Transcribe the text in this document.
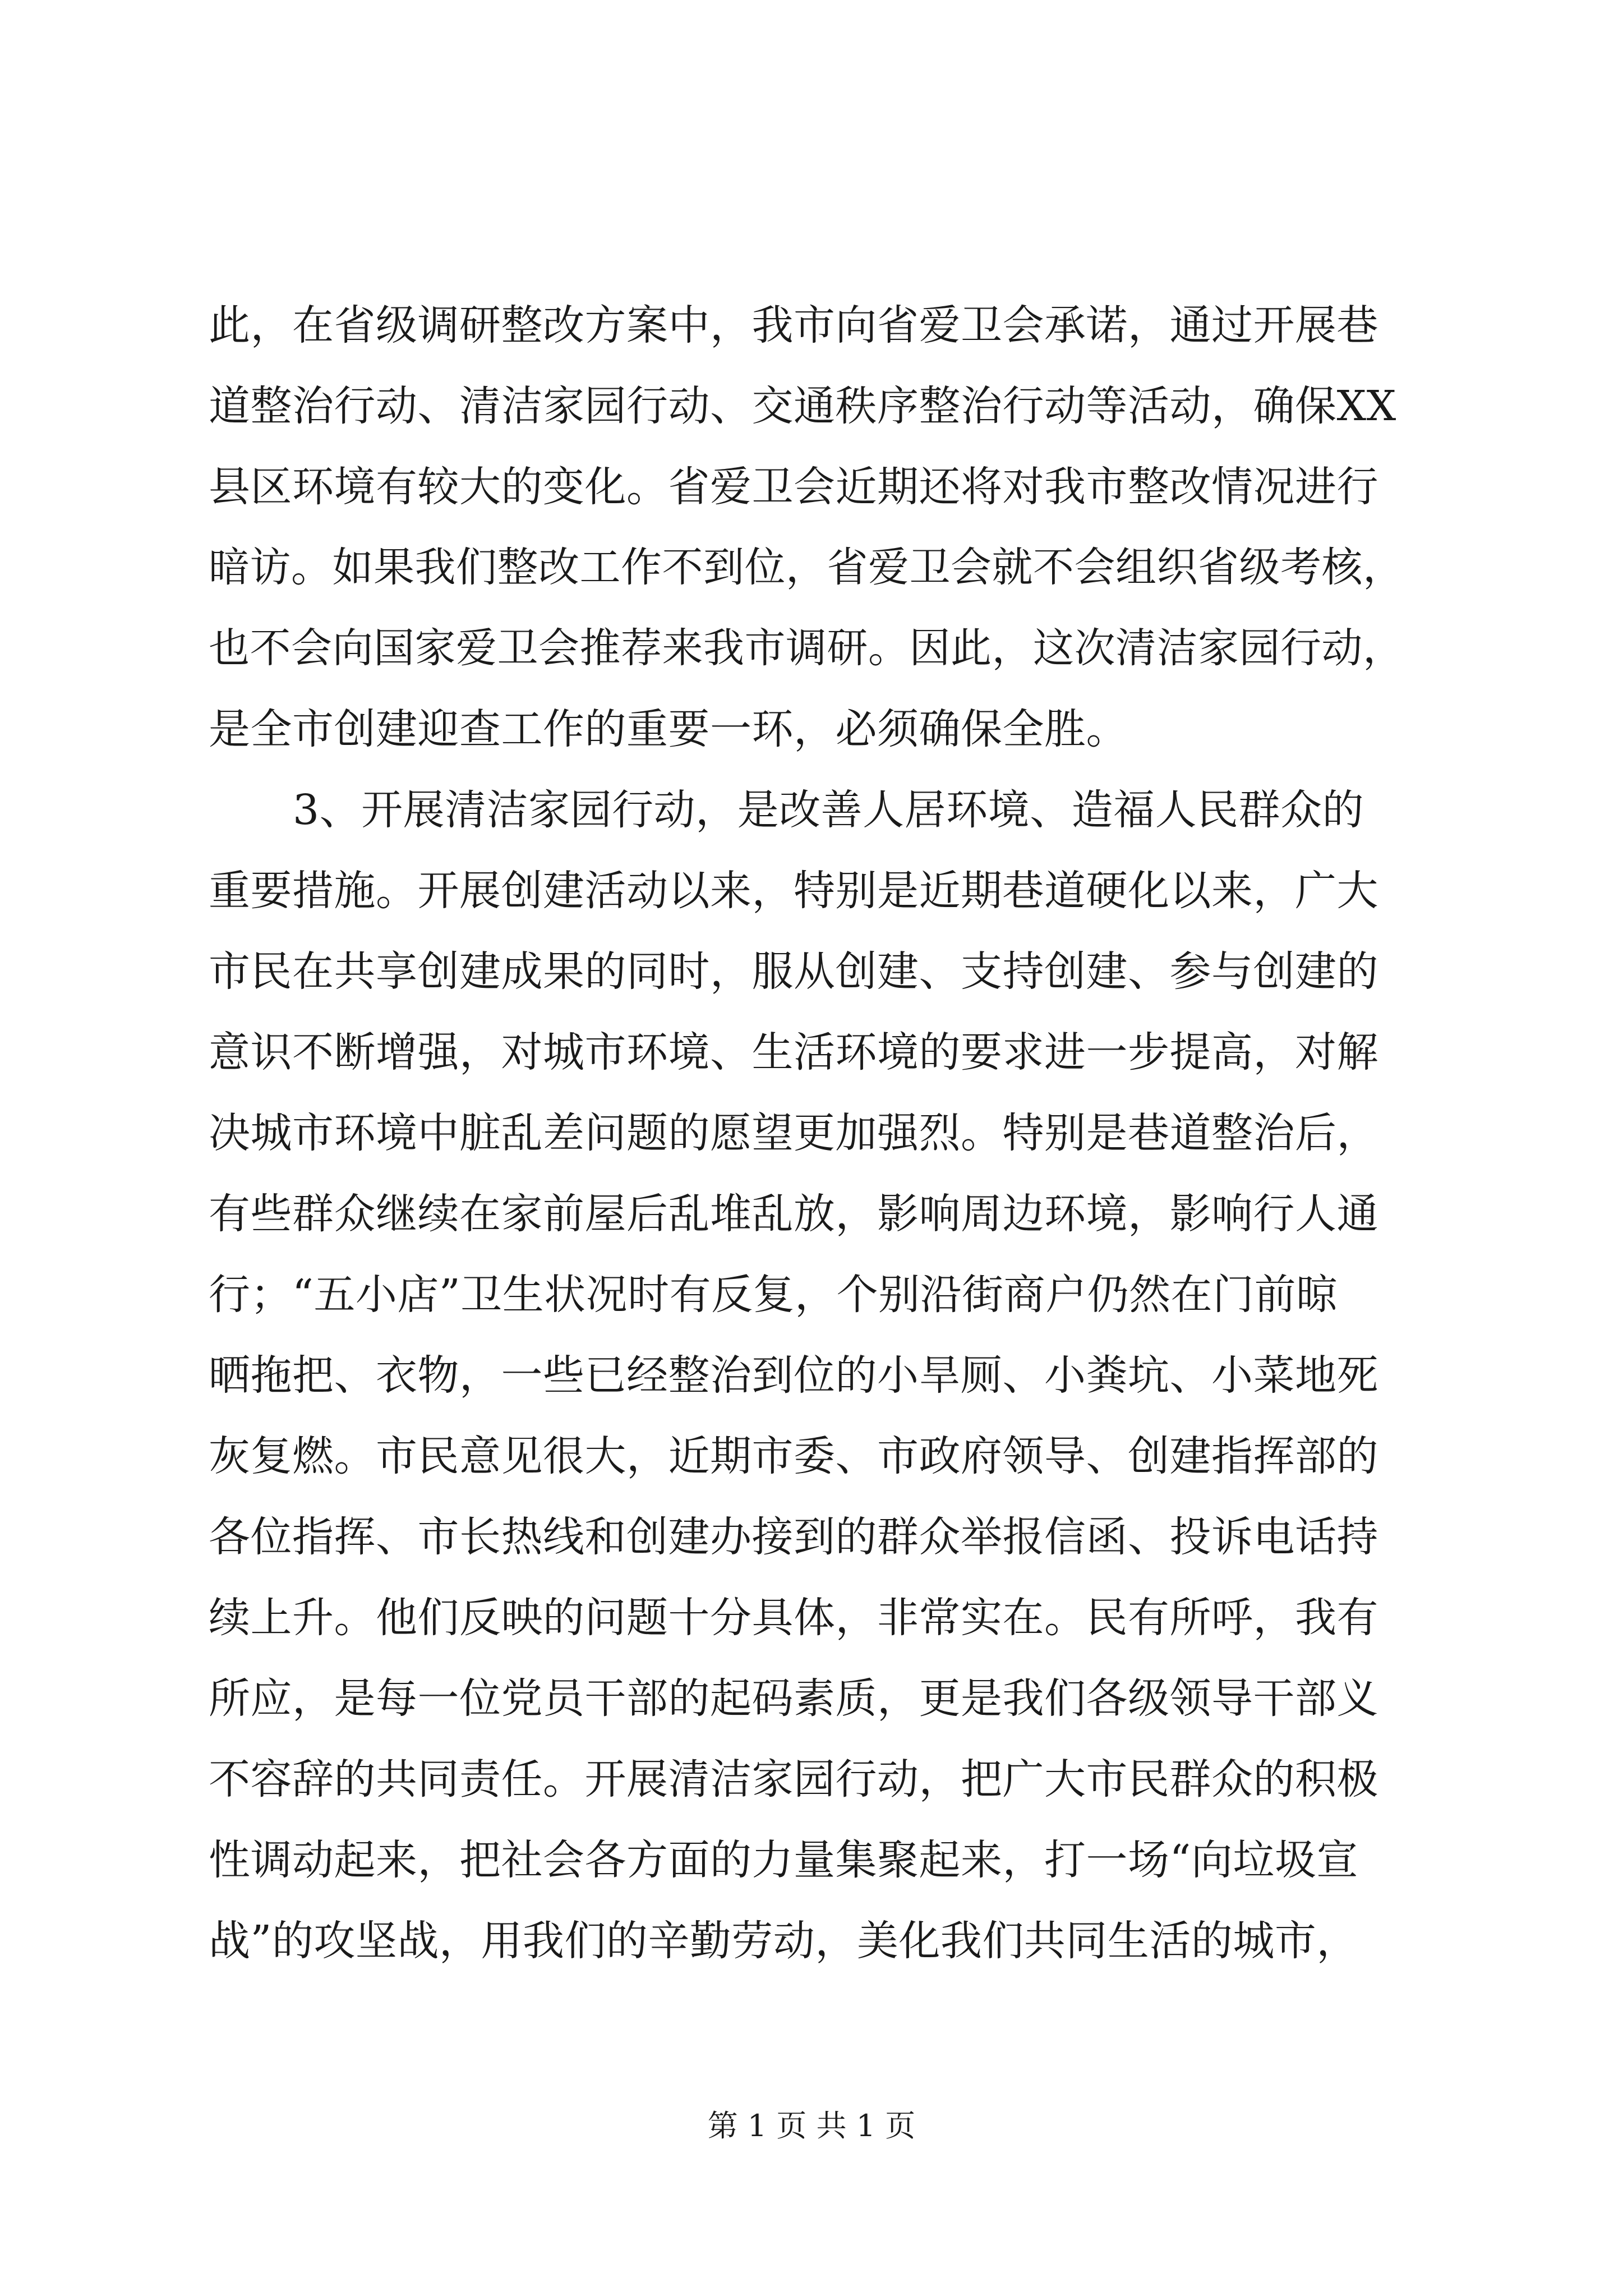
此，在省级调研整改方案中，我市向省爱卫会承诺，通过开展巷
道整治行动、清洁家园行动、交通秩序整治行动等活动，确保XX
县区环境有较大的变化。省爱卫会近期还将对我市整改情况进行
暗访。如果我们整改工作不到位，省爱卫会就不会组织省级考核，
也不会向国家爱卫会推荐来我市调研。因此，这次清洁家园行动，
是全市创建迎查工作的重要一环，必须确保全胜。
3、开展清洁家园行动，是改善人居环境、造福人民群众的
重要措施。开展创建活动以来，特别是近期巷道硬化以来，广大
市民在共享创建成果的同时，服从创建、支持创建、参与创建的
意识不断增强，对城市环境、生活环境的要求进一步提高，对解
决城市环境中脏乱差问题的愿望更加强烈。特别是巷道整治后，
有些群众继续在家前屋后乱堆乱放，影响周边环境，影响行人通
行；“五小店”卫生状况时有反复，个别沿街商户仍然在门前晾
晒拖把、衣物，一些已经整治到位的小旱厕、小粪坑、小菜地死
灰复燃。市民意见很大，近期市委、市政府领导、创建指挥部的
各位指挥、市长热线和创建办接到的群众举报信函、投诉电话持
续上升。他们反映的问题十分具体，非常实在。民有所呼，我有
所应，是每一位党员干部的起码素质，更是我们各级领导干部义
不容辞的共同责任。开展清洁家园行动，把广大市民群众的积极
性调动起来，把社会各方面的力量集聚起来，打一场“向垃圾宣
战”的攻坚战，用我们的辛勤劳动，美化我们共同生活的城市，
第 1 页 共 1 页
